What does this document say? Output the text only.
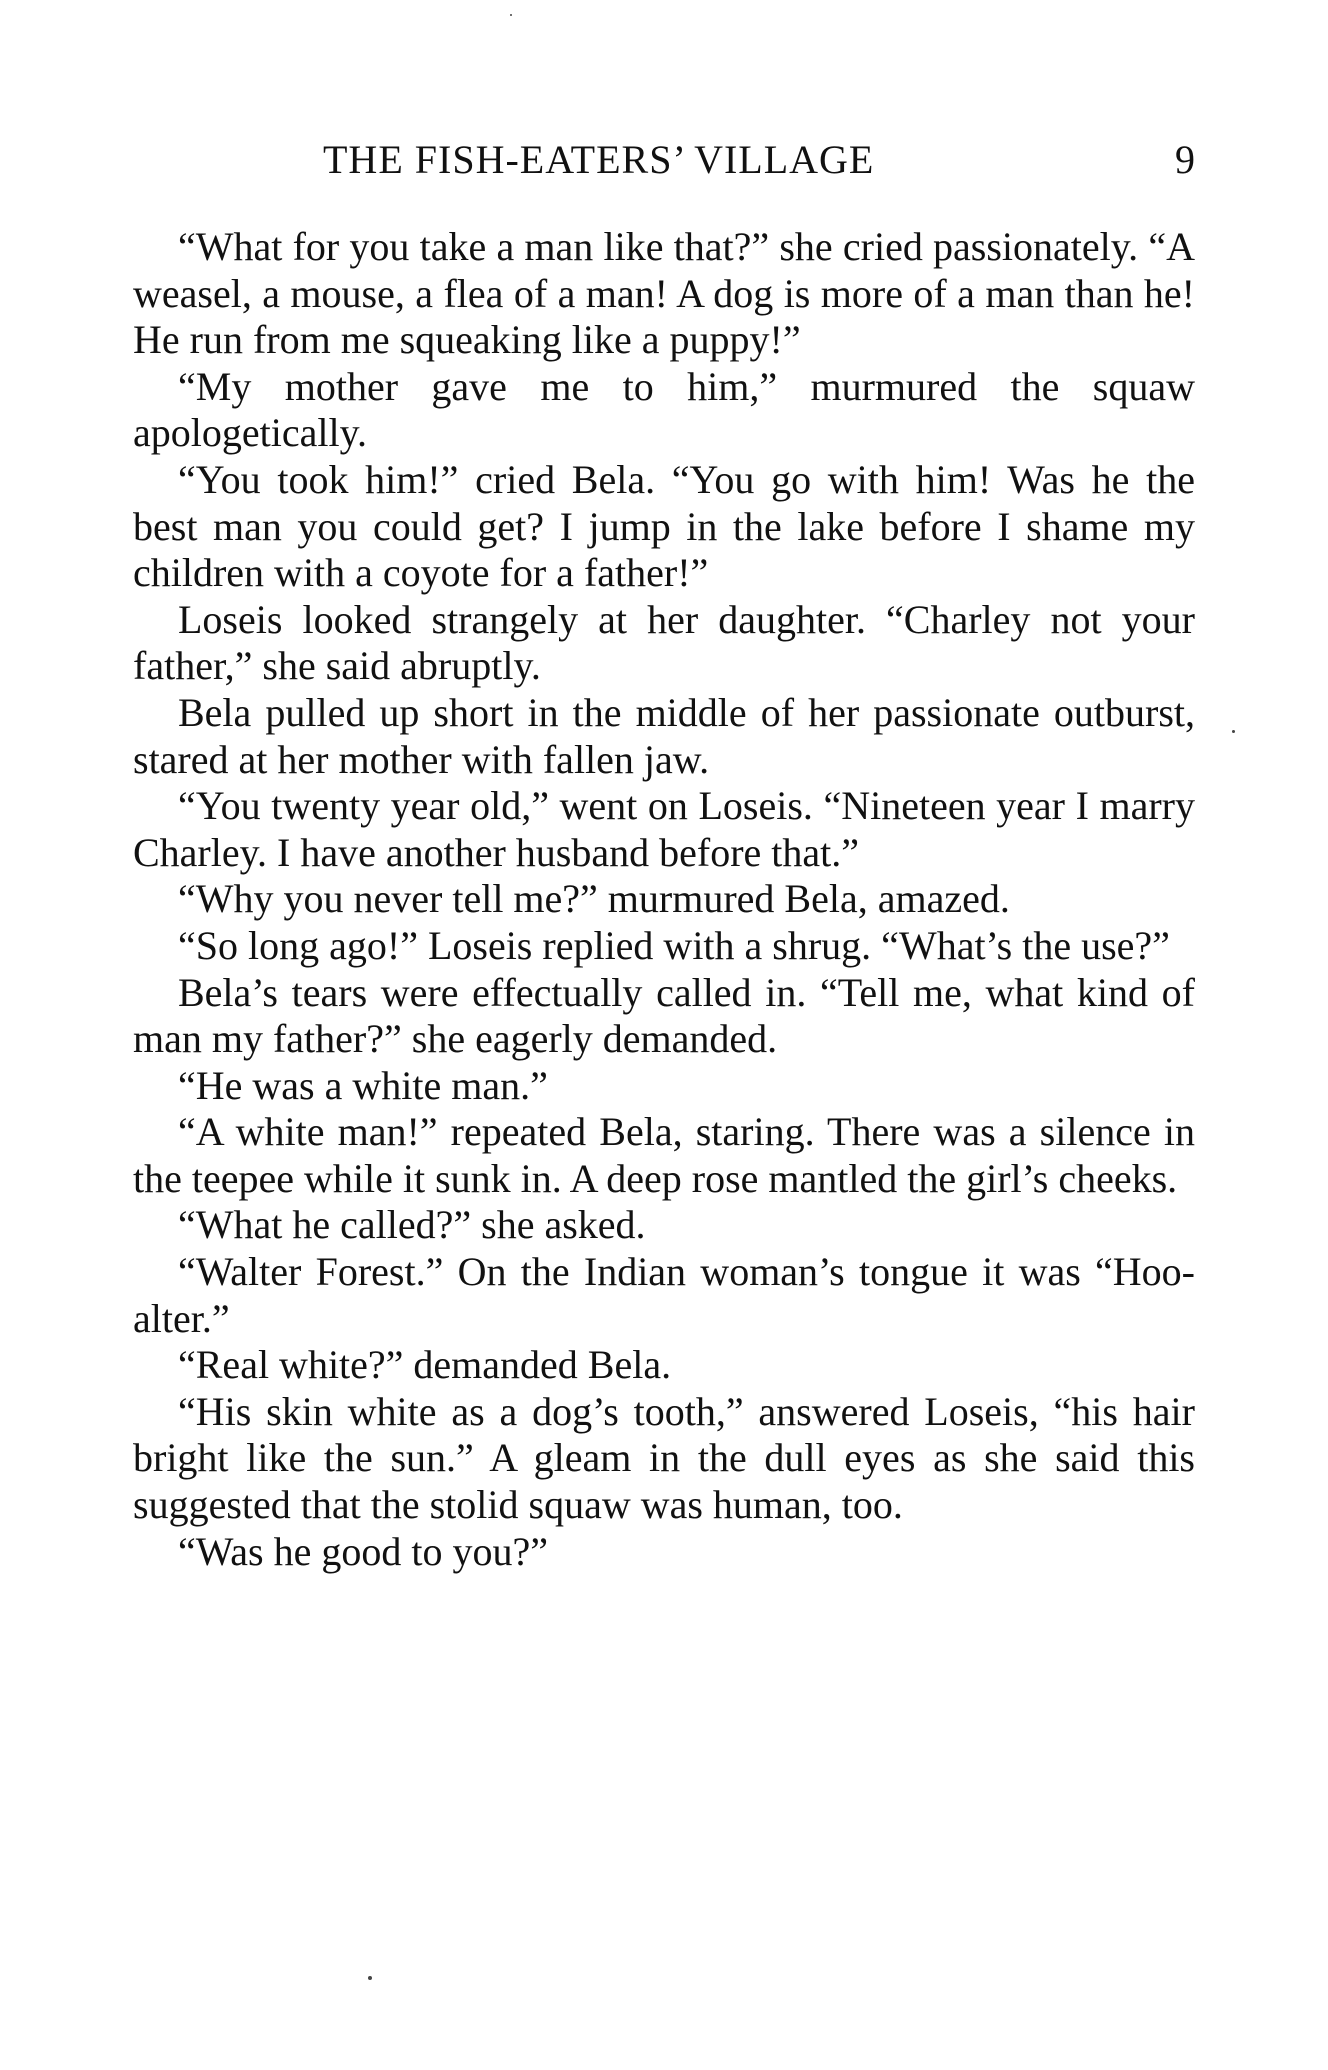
THE FISH-EATERS’ VILLAGE	9

“What for you take a man like that?” she cried passionately. “A weasel, a mouse, a flea of a man! A dog is more of a man than he! He run from me squeaking like a puppy!”

“My mother gave me to him,” murmured the squaw apologetically.

“You took him!” cried Bela. “You go with him! Was he the best man you could get? I jump in the lake before I shame my children with a coyote for a father!”

Loseis looked strangely at her daughter. “Charley not your father,” she said abruptly.

Bela pulled up short in the middle of her passionate outburst, stared at her mother with fallen jaw.

“You twenty year old,” went on Loseis. “Nineteen year I marry Charley. I have another husband before that.”

“Why you never tell me?” murmured Bela, amazed.

“So long ago!” Loseis replied with a shrug. “What’s the use?”

Bela’s tears were effectually called in. “Tell me, what kind of man my father?” she eagerly demanded.

“He was a white man.”

“A white man!” repeated Bela, staring. There was a silence in the teepee while it sunk in. A deep rose mantled the girl’s cheeks.

“What he called?” she asked.

“Walter Forest.” On the Indian woman’s tongue it was “Hoo-alter.”

“Real white?” demanded Bela.

“His skin white as a dog’s tooth,” answered Loseis, “his hair bright like the sun.” A gleam in the dull eyes as she said this suggested that the stolid squaw was human, too.

“Was he good to you?”
